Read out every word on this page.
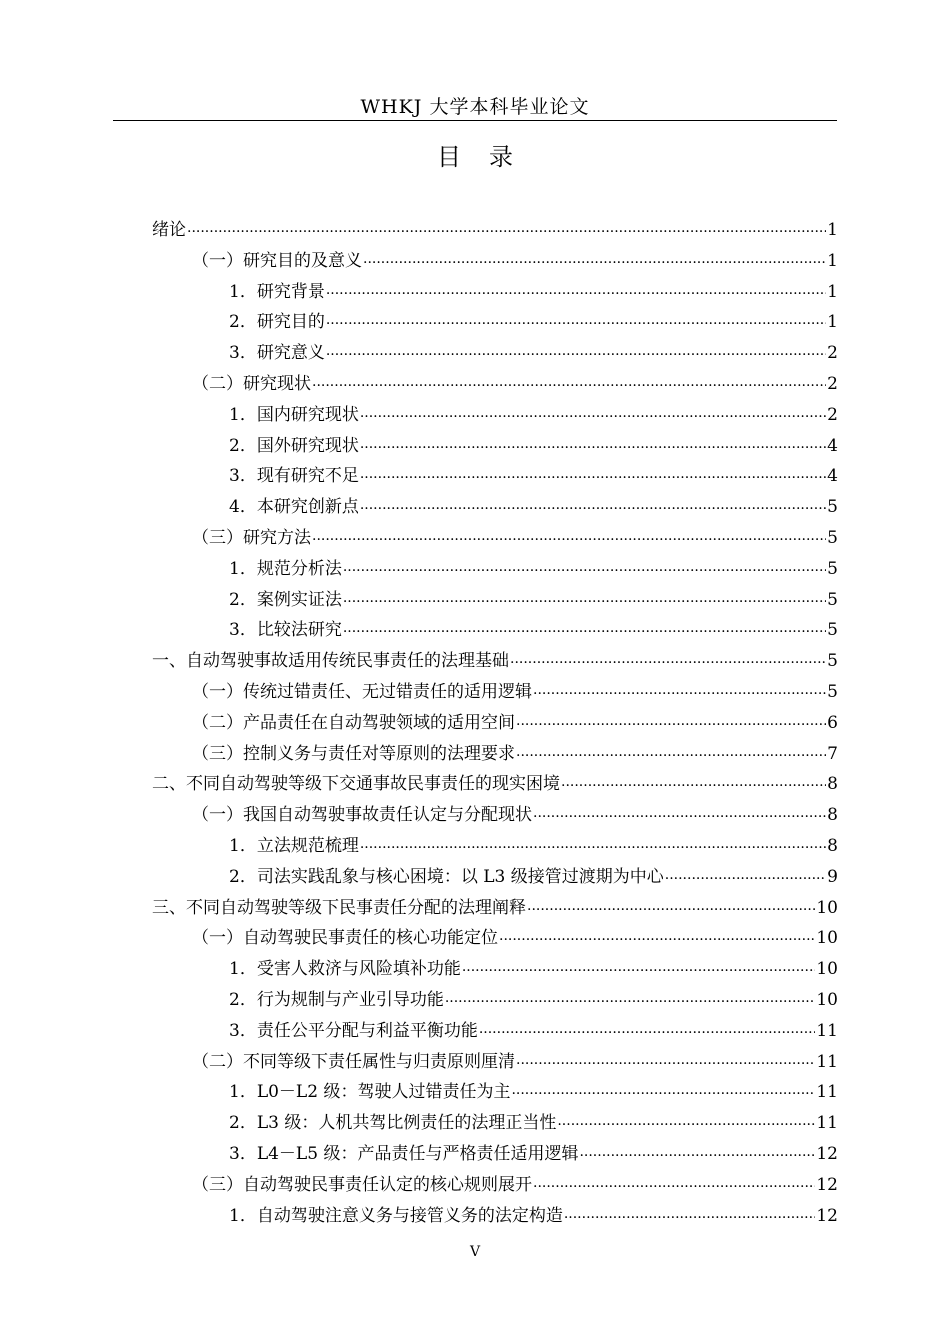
WHKJ 大学本科毕业论文
目录
绪论 .....	1
（一）研究目的及意义 .....	1
1． 研究背景 .....	1
2． 研究目的 .....	1
3． 研究意义 .....	2
（二）研究现状 .....	2
1． 国内研究现状 .....	2
2． 国外研究现状 .....	4
3． 现有研究不足 .....	4
4． 本研究创新点 .....	5
（三）研究方法 .....	5
1． 规范分析法 .....	5
2． 案例实证法 .....	5
3． 比较法研究 .....	5
一、自动驾驶事故适用传统民事责任的法理基础 .....	5
（一）传统过错责任、无过错责任的适用逻辑 .....	5
（二）产品责任在自动驾驶领域的适用空间 .....	6
（三）控制义务与责任对等原则的法理要求 .....	7
二、不同自动驾驶等级下交通事故民事责任的现实困境 .....	8
（一）我国自动驾驶事故责任认定与分配现状 .....	8
1． 立法规范梳理 .....	8
2． 司法实践乱象与核心困境：以 L3 级接管过渡期为中心 .....	9
三、不同自动驾驶等级下民事责任分配的法理阐释 .....	10
（一）自动驾驶民事责任的核心功能定位 .....	10
1． 受害人救济与风险填补功能 .....	10
2． 行为规制与产业引导功能 .....	10
3． 责任公平分配与利益平衡功能 .....	11
（二）不同等级下责任属性与归责原则厘清 .....	11
1． L0－L2 级：驾驶人过错责任为主 .....	11
2． L3 级：人机共驾比例责任的法理正当性 .....	11
3． L4－L5 级：产品责任与严格责任适用逻辑 .....	12
（三）自动驾驶民事责任认定的核心规则展开 .....	12
1． 自动驾驶注意义务与接管义务的法定构造 .....	12
V
